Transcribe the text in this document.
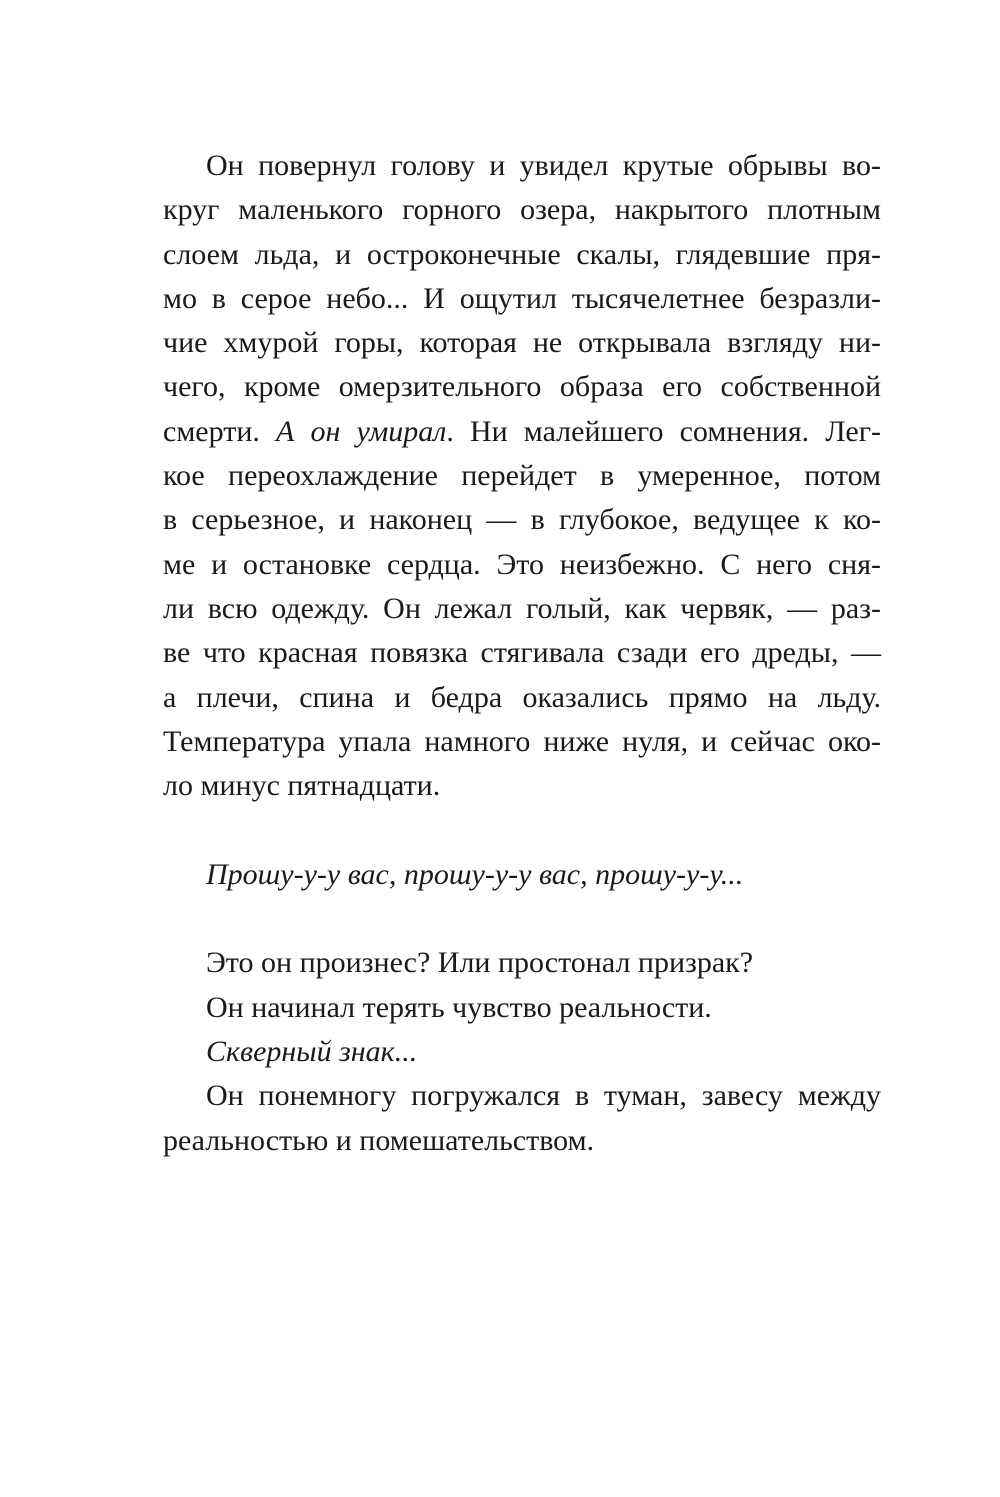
Он повернул голову и увидел крутые обрывы во-
круг маленького горного озера, накрытого плотным
слоем льда, и остроконечные скалы, глядевшие пря-
мо в серое небо... И ощутил тысячелетнее безразли-
чие хмурой горы, которая не открывала взгляду ни-
чего, кроме омерзительного образа его собственной
смерти. А он умирал. Ни малейшего сомнения. Лег-
кое переохлаждение перейдет в умеренное, потом
в серьезное, и наконец — в глубокое, ведущее к ко-
ме и остановке сердца. Это неизбежно. С него сня-
ли всю одежду. Он лежал голый, как червяк, — раз-
ве что красная повязка стягивала сзади его дреды, —
а плечи, спина и бедра оказались прямо на льду.
Температура упала намного ниже нуля, и сейчас око-
ло минус пятнадцати.
Прошу-у-у вас, прошу-у-у вас, прошу-у-у...
Это он произнес? Или простонал призрак?
Он начинал терять чувство реальности.
Скверный знак...
Он понемногу погружался в туман, завесу между
реальностью и помешательством.
